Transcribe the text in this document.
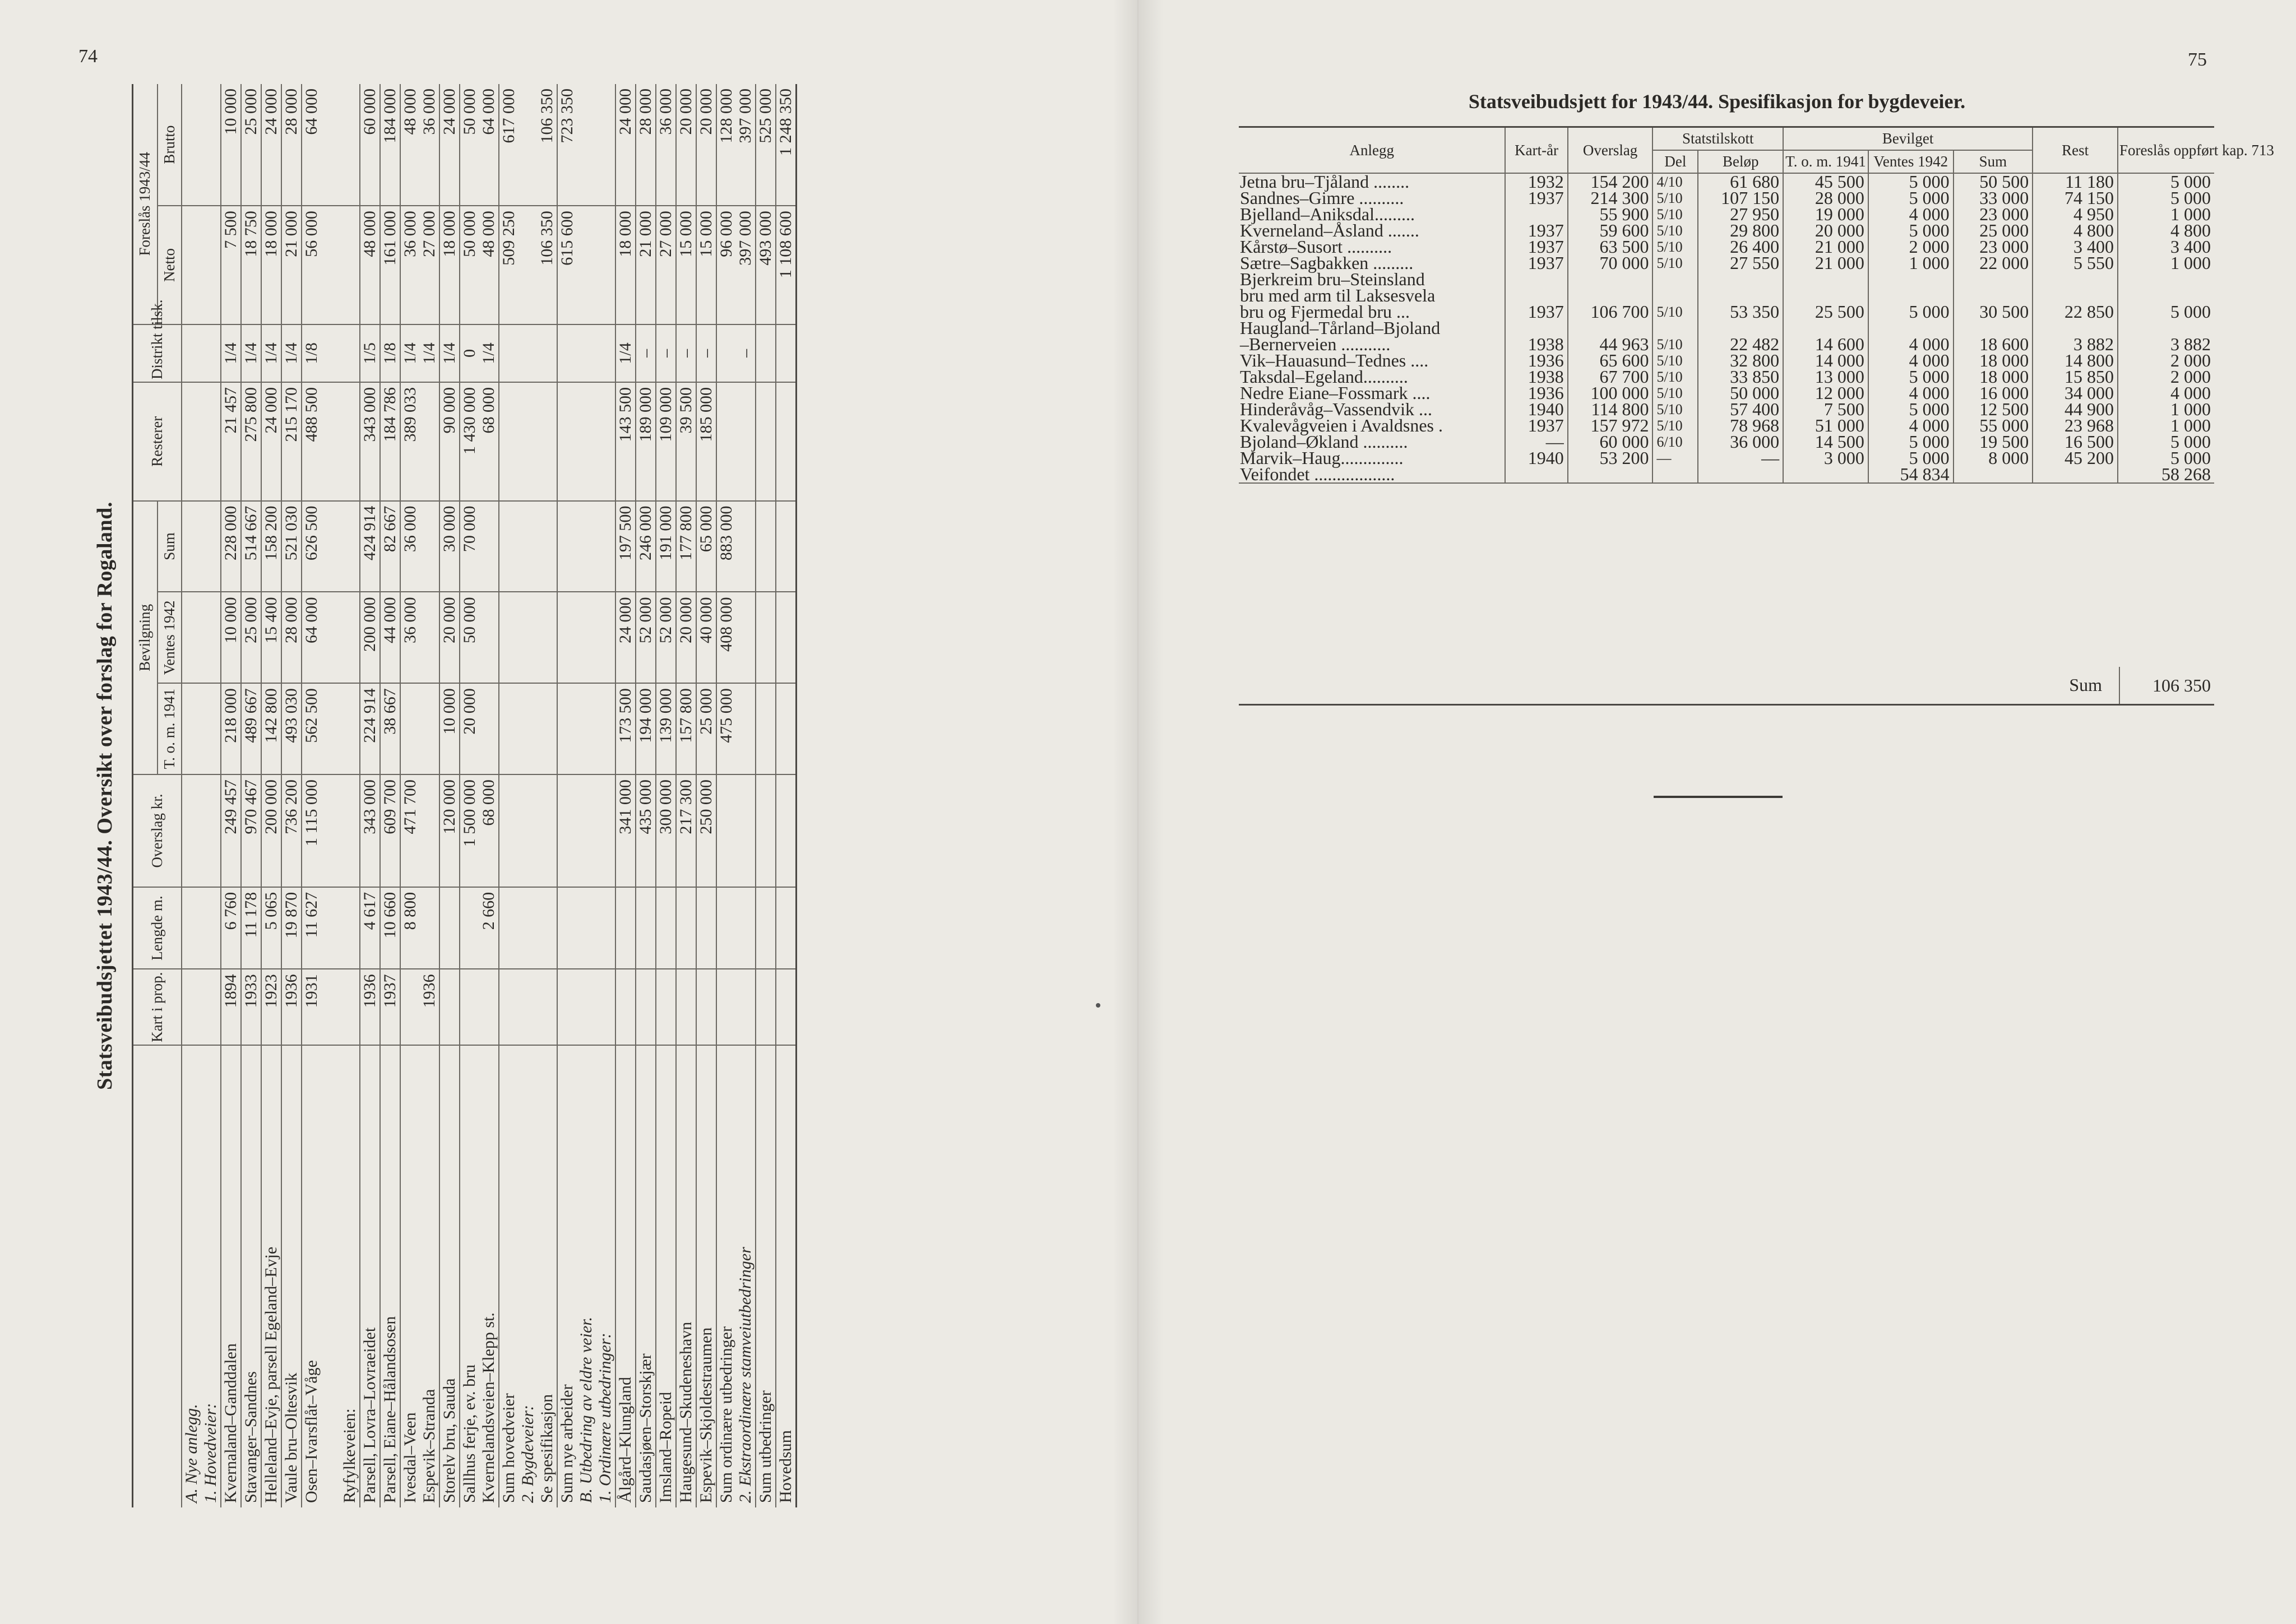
74
Statsveibudsjettet 1943/44. Oversikt over forslag for Rogaland.
	Kart i prop.	Lengde m.	Overslag kr.	Bevilgning			Resterer	Distrikt tilsk.	Foreslås 1943/44	
				T. o. m. 1941	Ventes 1942	Sum			Netto	Brutto
A. Nye anlegg.										
1. Hovedveier:										
Kvernaland–Ganddalen	1894	6 760	249 457	218 000	10 000	228 000	21 457	1/4	7 500	10 000
Stavanger–Sandnes	1933	11 178	970 467	489 667	25 000	514 667	275 800	1/4	18 750	25 000
Helleland–Evje, parsell Egeland–Evje	1923	5 065	200 000	142 800	15 400	158 200	24 000	1/4	18 000	24 000
Vaule bru–Oltesvik	1936	19 870	736 200	493 030	28 000	521 030	215 170	1/4	21 000	28 000
Osen–Ivarsflåt–Våge	1931	11 627	1 115 000	562 500	64 000	626 500	488 500	1/8	56 000	64 000

Ryfylkeveien:										
Parsell, Lovra–Lovraeidet	1936	4 617	343 000	224 914	200 000	424 914	343 000	1/5	48 000	60 000
Parsell, Eiane–Hålandsosen	1937	10 660	609 700	38 667	44 000	82 667	184 786	1/8	161 000	184 000
Ivesdal–Veen		8 800	471 700		36 000	36 000	389 033	1/4	36 000	48 000
Espevik–Stranda	1936							1/4	27 000	36 000
Storelv bru, Sauda			120 000	10 000	20 000	30 000	90 000	1/4	18 000	24 000
Sallhus ferje, ev. bru			1 500 000	20 000	50 000	70 000	1 430 000	0	50 000	50 000
Kvernelandsveien–Klepp st.		2 660	68 000				68 000	1/4	48 000	64 000
Sum hovedveier									509 250	617 000
2. Bygdeveier:										
Se spesifikasjon									106 350	106 350
Sum nye arbeider									615 600	723 350
B. Utbedring av eldre veier.										
1. Ordinære utbedringer:										
Ålgård–Klungland			341 000	173 500	24 000	197 500	143 500	1/4	18 000	24 000
Saudasjøen–Storskjær			435 000	194 000	52 000	246 000	189 000	–	21 000	28 000
Imsland–Ropeid			300 000	139 000	52 000	191 000	109 000	–	27 000	36 000
Haugesund–Skudeneshavn			217 300	157 800	20 000	177 800	39 500	–	15 000	20 000
Espevik–Skjoldestraumen			250 000	25 000	40 000	65 000	185 000	–	15 000	20 000
Sum ordinære utbedringer				475 000	408 000	883 000			96 000	128 000
2. Ekstraordinære stamveiutbedringer								–	397 000	397 000
Sum utbedringer									493 000	525 000
Hovedsum									1 108 600	1 248 350
75
Statsveibudsjett for 1943/44. Spesifikasjon for bygdeveier.
Anlegg	Kart-år	Overslag	Statstilskott		Bevilget			Rest	Foreslås oppført kap. 713
			Del	Beløp	T. o. m. 1941	Ventes 1942	Sum		
Jetna bru–Tjåland ........	1932	154 200	4/10	61 680	45 500	5 000	50 500	11 180	5 000
Sandnes–Gimre ..........	1937	214 300	5/10	107 150	28 000	5 000	33 000	74 150	5 000
Bjelland–Aniksdal.........		55 900	5/10	27 950	19 000	4 000	23 000	4 950	1 000
Kverneland–Åsland .......	1937	59 600	5/10	29 800	20 000	5 000	25 000	4 800	4 800
Kårstø–Susort ..........	1937	63 500	5/10	26 400	21 000	2 000	23 000	3 400	3 400
Sætre–Sagbakken .........	1937	70 000	5/10	27 550	21 000	1 000	22 000	5 550	1 000
Bjerkreim bru–Steinsland									
bru med arm til Laksesvela									
bru og Fjermedal bru ...	1937	106 700	5/10	53 350	25 500	5 000	30 500	22 850	5 000
Haugland–Tårland–Bjoland									
–Bernerveien ...........	1938	44 963	5/10	22 482	14 600	4 000	18 600	3 882	3 882
Vik–Hauasund–Tednes ....	1936	65 600	5/10	32 800	14 000	4 000	18 000	14 800	2 000
Taksdal–Egeland..........	1938	67 700	5/10	33 850	13 000	5 000	18 000	15 850	2 000
Nedre Eiane–Fossmark ....	1936	100 000	5/10	50 000	12 000	4 000	16 000	34 000	4 000
Hinderåvåg–Vassendvik ...	1940	114 800	5/10	57 400	7 500	5 000	12 500	44 900	1 000
Kvalevågveien i Avaldsnes .	1937	157 972	5/10	78 968	51 000	4 000	55 000	23 968	1 000
Bjoland–Økland ..........	—	60 000	6/10	36 000	14 500	5 000	19 500	16 500	5 000
Marvik–Haug..............	1940	53 200	—	—	3 000	5 000	8 000	45 200	5 000
Veifondet ..................						54 834			58 268
Sum	106 350
